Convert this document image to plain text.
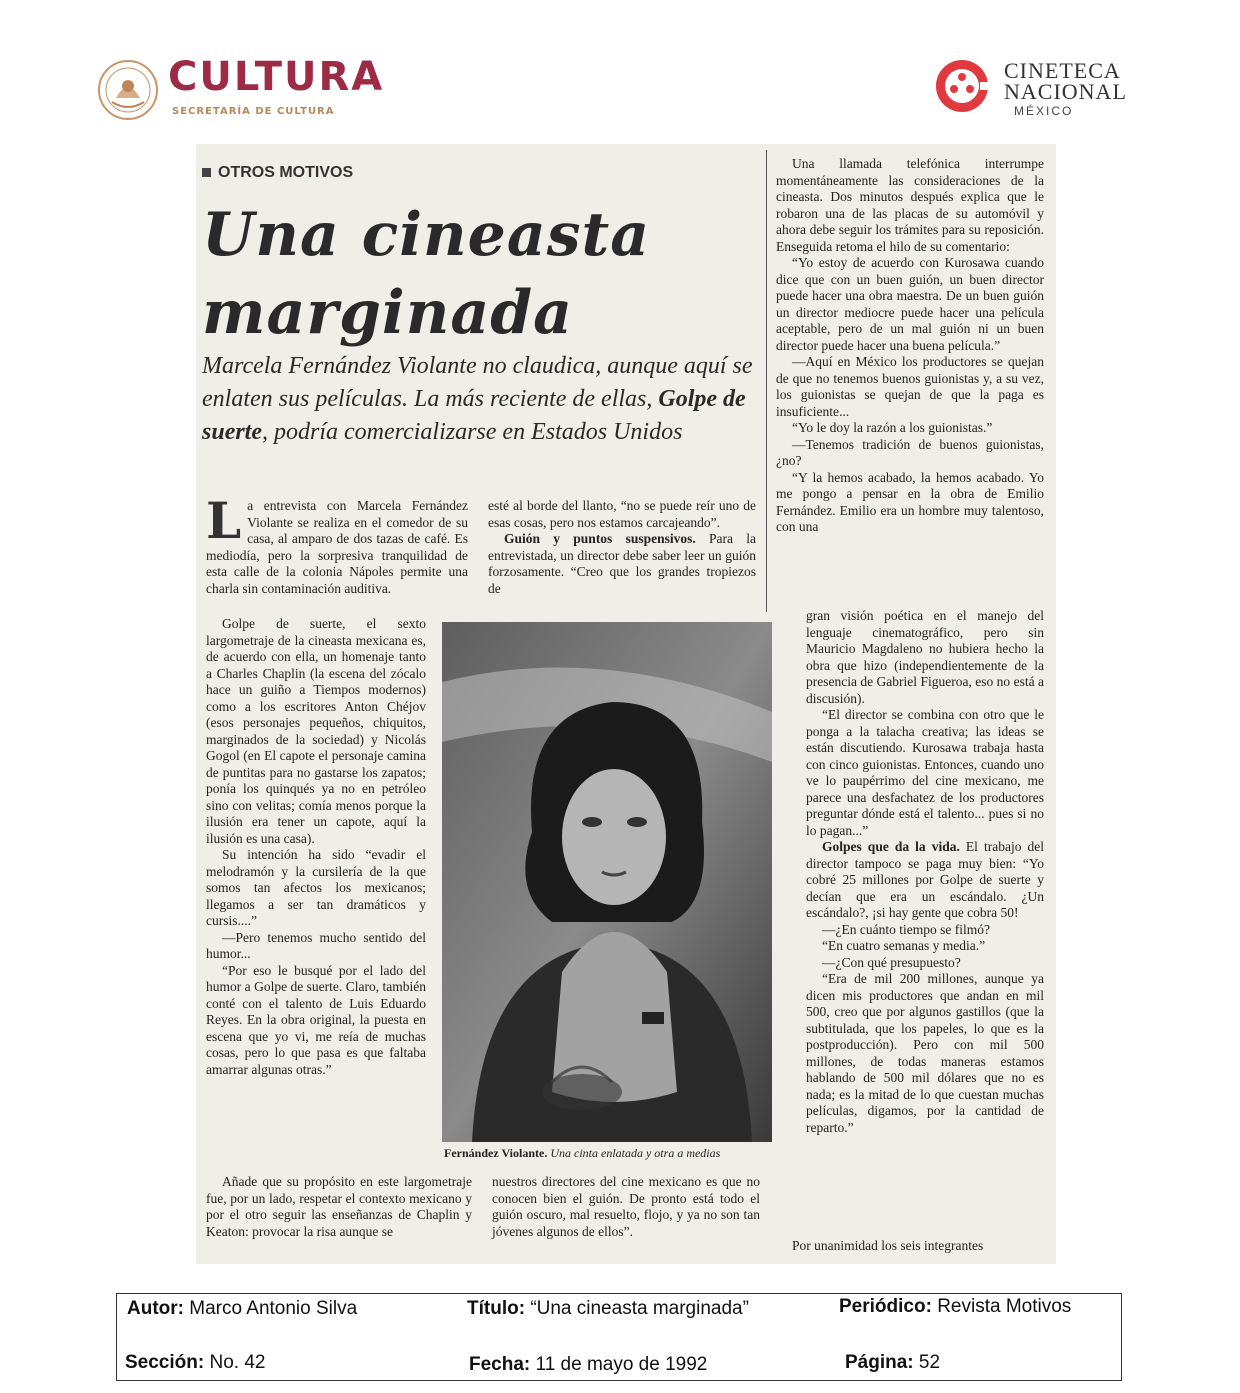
CULTURA
SECRETARÍA DE CULTURA
CINETECA
NACIONAL
MÉXICO
OTROS MOTIVOS
Una cineasta
marginada
Marcela Fernández Violante no claudica, aunque aquí se enlaten sus películas. La más reciente de ellas, Golpe de suerte, podría comercializarse en Estados Unidos

La entrevista con Marcela Fernández Violante se realiza en el comedor de su casa, al amparo de dos tazas de café. Es mediodía, pero la sorpresiva tranquilidad de esta calle de la colonia Nápoles permite una charla sin contaminación auditiva.

Golpe de suerte, el sexto largometraje de la cineasta mexicana es, de acuerdo con ella, un homenaje tanto a Charles Chaplin (la escena del zócalo hace un guiño a Tiempos modernos) como a los escritores Anton Chéjov (esos personajes pequeños, chiquitos, marginados de la sociedad) y Nicolás Gogol (en El capote el personaje camina de puntitas para no gastarse los zapatos; ponía los quinqués ya no en petróleo sino con velitas; comía menos porque la ilusión era tener un capote, aquí la ilusión es una casa).

Su intención ha sido “evadir el melodramón y la cursilería de la que somos tan afectos los mexicanos; llegamos a ser tan dramáticos y cursis....”

—Pero tenemos mucho sentido del humor...

“Por eso le busqué por el lado del humor a Golpe de suerte. Claro, también conté con el talento de Luis Eduardo Reyes. En la obra original, la puesta en escena que yo vi, me reía de muchas cosas, pero lo que pasa es que faltaba amarrar algunas otras.”

Añade que su propósito en este largometraje fue, por un lado, respetar el contexto mexicano y por el otro seguir las enseñanzas de Chaplin y Keaton: provocar la risa aunque se

esté al borde del llanto, “no se puede reír uno de esas cosas, pero nos estamos carcajeando”.

Guión y puntos suspensivos. Para la entrevistada, un director debe saber leer un guión forzosamente. “Creo que los grandes tropiezos de

Fernández Violante. Una cinta enlatada y otra a medias

nuestros directores del cine mexicano es que no conocen bien el guión. De pronto está todo el guión oscuro, mal resuelto, flojo, y ya no son tan jóvenes algunos de ellos”.

Una llamada telefónica interrumpe momentáneamente las consideraciones de la cineasta. Dos minutos después explica que le robaron una de las placas de su automóvil y ahora debe seguir los trámites para su reposición. Enseguida retoma el hilo de su comentario:

“Yo estoy de acuerdo con Kurosawa cuando dice que con un buen guión, un buen director puede hacer una obra maestra. De un buen guión un director mediocre puede hacer una película aceptable, pero de un mal guión ni un buen director puede hacer una buena película.”

—Aquí en México los productores se quejan de que no tenemos buenos guionistas y, a su vez, los guionistas se quejan de que la paga es insuficiente...

“Yo le doy la razón a los guionistas.”

—Tenemos tradición de buenos guionistas, ¿no?

“Y la hemos acabado, la hemos acabado. Yo me pongo a pensar en la obra de Emilio Fernández. Emilio era un hombre muy talentoso, con una

gran visión poética en el manejo del lenguaje cinematográfico, pero sin Mauricio Magdaleno no hubiera hecho la obra que hizo (independientemente de la presencia de Gabriel Figueroa, eso no está a discusión).

“El director se combina con otro que le ponga a la talacha creativa; las ideas se están discutiendo. Kurosawa trabaja hasta con cinco guionistas. Entonces, cuando uno ve lo paupérrimo del cine mexicano, me parece una desfachatez de los productores preguntar dónde está el talento... pues si no lo pagan...”

Golpes que da la vida. El trabajo del director tampoco se paga muy bien: “Yo cobré 25 millones por Golpe de suerte y decían que era un escándalo. ¿Un escándalo?, ¡si hay gente que cobra 50!

—¿En cuánto tiempo se filmó?

“En cuatro semanas y media.”

—¿Con qué presupuesto?

“Era de mil 200 millones, aunque ya dicen mis productores que andan en mil 500, creo que por algunos gastillos (que la subtitulada, que los papeles, lo que es la postproducción). Pero con mil 500 millones, de todas maneras estamos hablando de 500 mil dólares que no es nada; es la mitad de lo que cuestan muchas películas, digamos, por la cantidad de reparto.”

Por unanimidad los seis integrantes

Autor: Marco Antonio Silva	Título: “Una cineasta marginada”	Periódico: Revista Motivos
Sección: No. 42	Fecha: 11 de mayo de 1992	Página: 52
